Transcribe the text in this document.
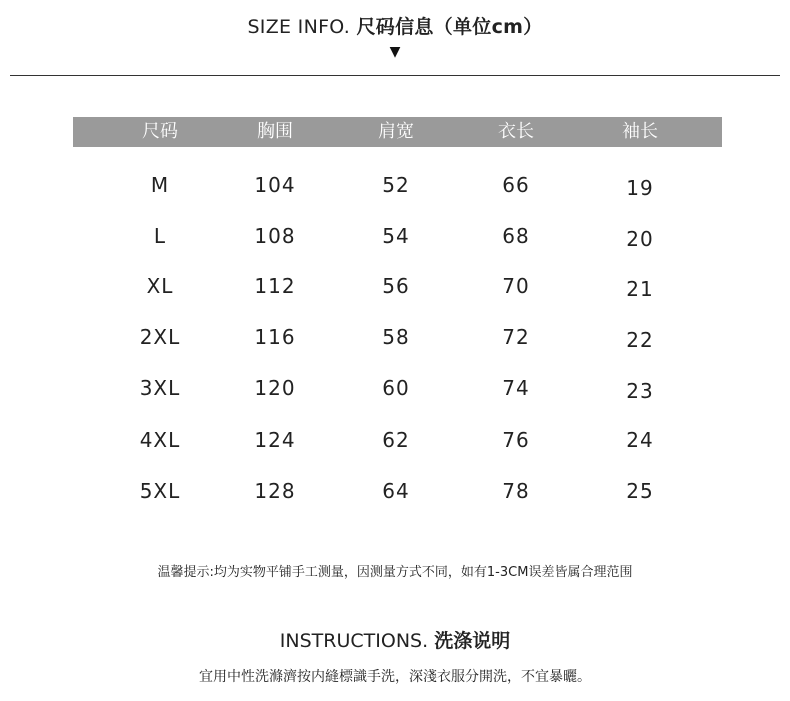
SIZE INFO. 尺码信息（单位cm）
▼
尺码	胸围	肩宽	衣长	袖长
M	104	52	66	19
L	108	54	68	20
XL	112	56	70	21
2XL	116	58	72	22
3XL	120	60	74	23
4XL	124	62	76	24
5XL	128	64	78	25
温馨提示:均为实物平铺手工测量，因测量方式不同，如有1-3CM误差皆属合理范围
INSTRUCTIONS. 洗涤说明
宜用中性洗滌濟按内縫標識手洗，深淺衣服分開洗，不宜暴曬。
